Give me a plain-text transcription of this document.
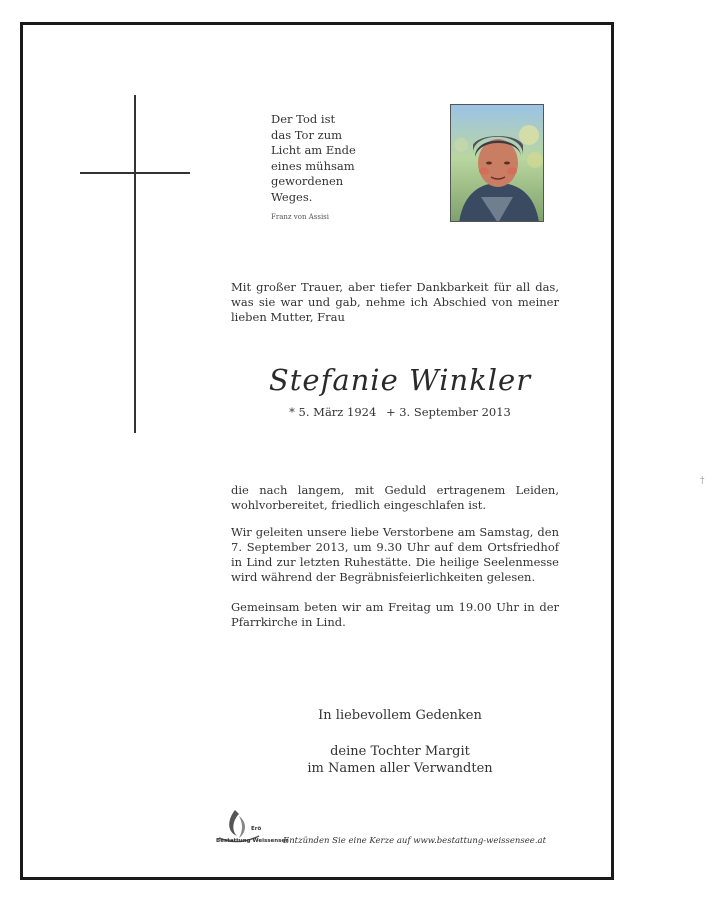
Der Tod ist
das Tor zum
Licht am Ende
eines mühsam
gewordenen
Weges.
Franz von Assisi
Mit großer Trauer, aber tiefer Dankbarkeit für all das, was sie war und gab, nehme ich Abschied von meiner lieben Mutter, Frau
Stefanie Winkler
* 5. März 1924 + 3. September 2013
die nach langem, mit Geduld ertragenem Leiden, wohlvorbereitet, friedlich eingeschlafen ist.
Wir geleiten unsere liebe Verstorbene am Samstag, den 7. September 2013, um 9.30 Uhr auf dem Ortsfriedhof in Lind zur letzten Ruhestätte. Die heilige Seelenmesse wird während der Begräbnisfeierlichkeiten gelesen.
Gemeinsam beten wir am Freitag um 19.00 Uhr in der Pfarrkirche in Lind.
In liebevollem Gedenken
deine Tochter Margit
im Namen aller Verwandten
Erö
Bestattung Weissensee
Entzünden Sie eine Kerze auf www.bestattung-weissensee.at
†
